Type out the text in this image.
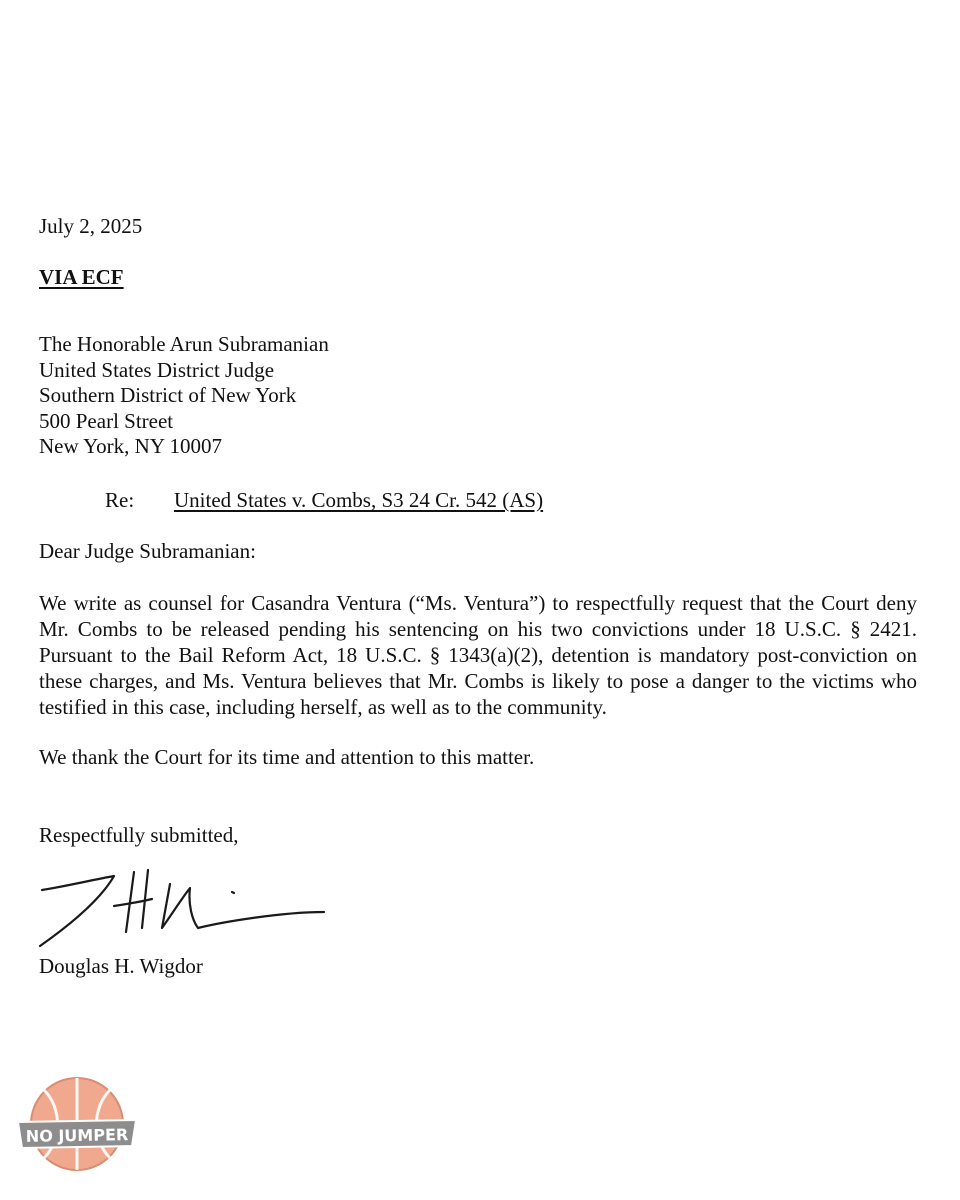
July 2, 2025
VIA ECF
The Honorable Arun Subramanian
United States District Judge
Southern District of New York
500 Pearl Street
New York, NY 10007
Re: United States v. Combs, S3 24 Cr. 542 (AS)
Dear Judge Subramanian:
We write as counsel for Casandra Ventura (“Ms. Ventura”) to respectfully request that the Court deny Mr. Combs to be released pending his sentencing on his two convictions under 18 U.S.C. § 2421. Pursuant to the Bail Reform Act, 18 U.S.C. § 1343(a)(2), detention is mandatory post-conviction on these charges, and Ms. Ventura believes that Mr. Combs is likely to pose a danger to the victims who testified in this case, including herself, as well as to the community.
We thank the Court for its time and attention to this matter.
Respectfully submitted,
Douglas H. Wigdor
NO JUMPER
